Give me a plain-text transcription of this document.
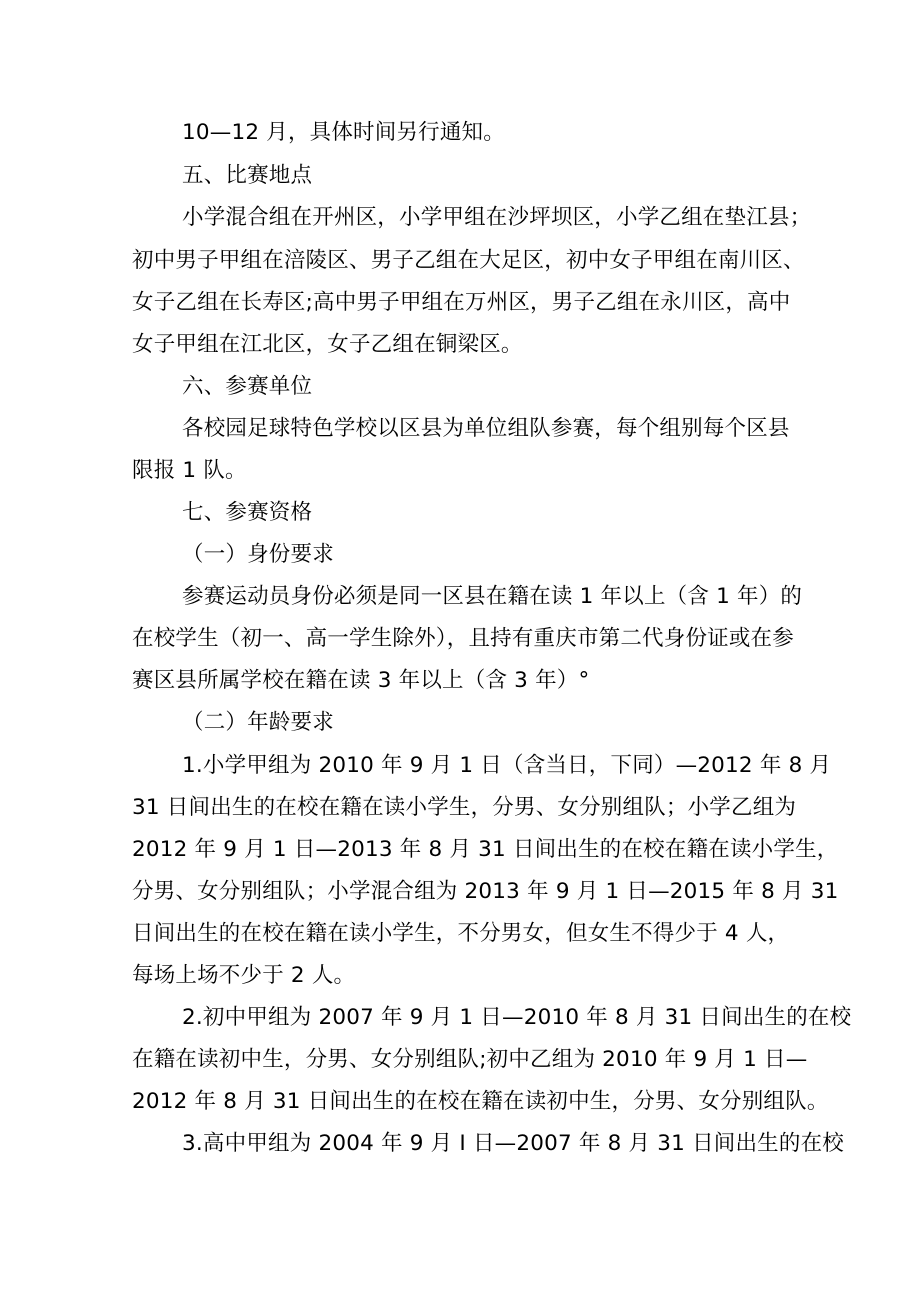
10—12 月，具体时间另行通知。
五、比赛地点
小学混合组在开州区，小学甲组在沙坪坝区，小学乙组在垫江县；
初中男子甲组在涪陵区、男子乙组在大足区，初中女子甲组在南川区、
女子乙组在长寿区;高中男子甲组在万州区，男子乙组在永川区，高中
女子甲组在江北区，女子乙组在铜梁区。
六、参赛单位
各校园足球特色学校以区县为单位组队参赛，每个组别每个区县
限报 1 队。
七、参赛资格
（一）身份要求
参赛运动员身份必须是同一区县在籍在读 1 年以上（含 1 年）的
在校学生（初一、高一学生除外），且持有重庆市第二代身份证或在参
赛区县所属学校在籍在读 3 年以上（含 3 年）°
（二）年龄要求
1.小学甲组为 2010 年 9 月 1 日（含当日，下同）—2012 年 8 月
31 日间出生的在校在籍在读小学生，分男、女分别组队；小学乙组为
2012 年 9 月 1 日—2013 年 8 月 31 日间出生的在校在籍在读小学生，
分男、女分别组队；小学混合组为 2013 年 9 月 1 日—2015 年 8 月 31
日间出生的在校在籍在读小学生，不分男女，但女生不得少于 4 人，
每场上场不少于 2 人。
2.初中甲组为 2007 年 9 月 1 日—2010 年 8 月 31 日间出生的在校
在籍在读初中生，分男、女分别组队;初中乙组为 2010 年 9 月 1 日—
2012 年 8 月 31 日间出生的在校在籍在读初中生，分男、女分别组队。
3.高中甲组为 2004 年 9 月 I 日—2007 年 8 月 31 日间出生的在校
